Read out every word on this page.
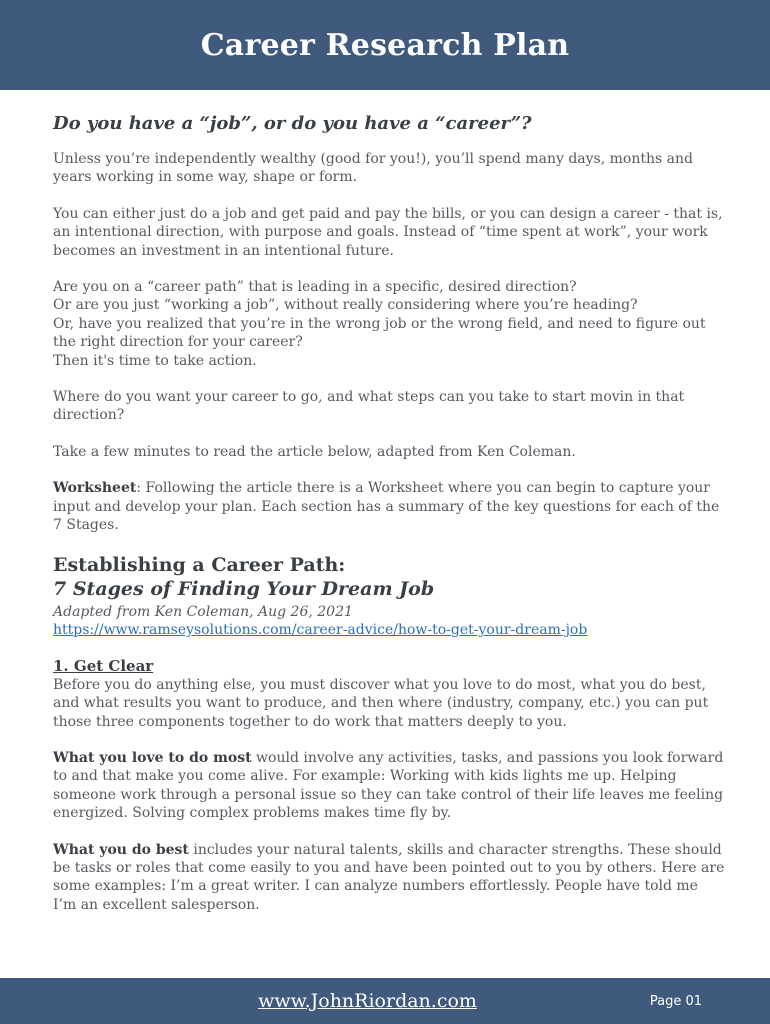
Career Research Plan
Do you have a “job”, or do you have a “career”?

Unless you’re independently wealthy (good for you!), you’ll spend many days, months and years working in some way, shape or form.

You can either just do a job and get paid and pay the bills, or you can design a career - that is, an intentional direction, with purpose and goals. Instead of “time spent at work”, your work becomes an investment in an intentional future.

Are you on a “career path” that is leading in a specific, desired direction?
Or are you just “working a job”, without really considering where you’re heading?
Or, have you realized that you’re in the wrong job or the wrong field, and need to figure out the right direction for your career?
Then it's time to take action.

Where do you want your career to go, and what steps can you take to start movin in that direction?

Take a few minutes to read the article below, adapted from Ken Coleman.

Worksheet: Following the article there is a Worksheet where you can begin to capture your input and develop your plan. Each section has a summary of the key questions for each of the 7 Stages.

Establishing a Career Path:
7 Stages of Finding Your Dream Job
Adapted from Ken Coleman, Aug 26, 2021
https://www.ramseysolutions.com/career-advice/how-to-get-your-dream-job
1. Get Clear

Before you do anything else, you must discover what you love to do most, what you do best, and what results you want to produce, and then where (industry, company, etc.) you can put those three components together to do work that matters deeply to you.

What you love to do most would involve any activities, tasks, and passions you look forward to and that make you come alive. For example: Working with kids lights me up. Helping someone work through a personal issue so they can take control of their life leaves me feeling energized. Solving complex problems makes time fly by.

What you do best includes your natural talents, skills and character strengths. These should be tasks or roles that come easily to you and have been pointed out to you by others. Here are some examples: I’m a great writer. I can analyze numbers effortlessly. People have told me I’m an excellent salesperson.

www.JohnRiordan.com	Page 01
